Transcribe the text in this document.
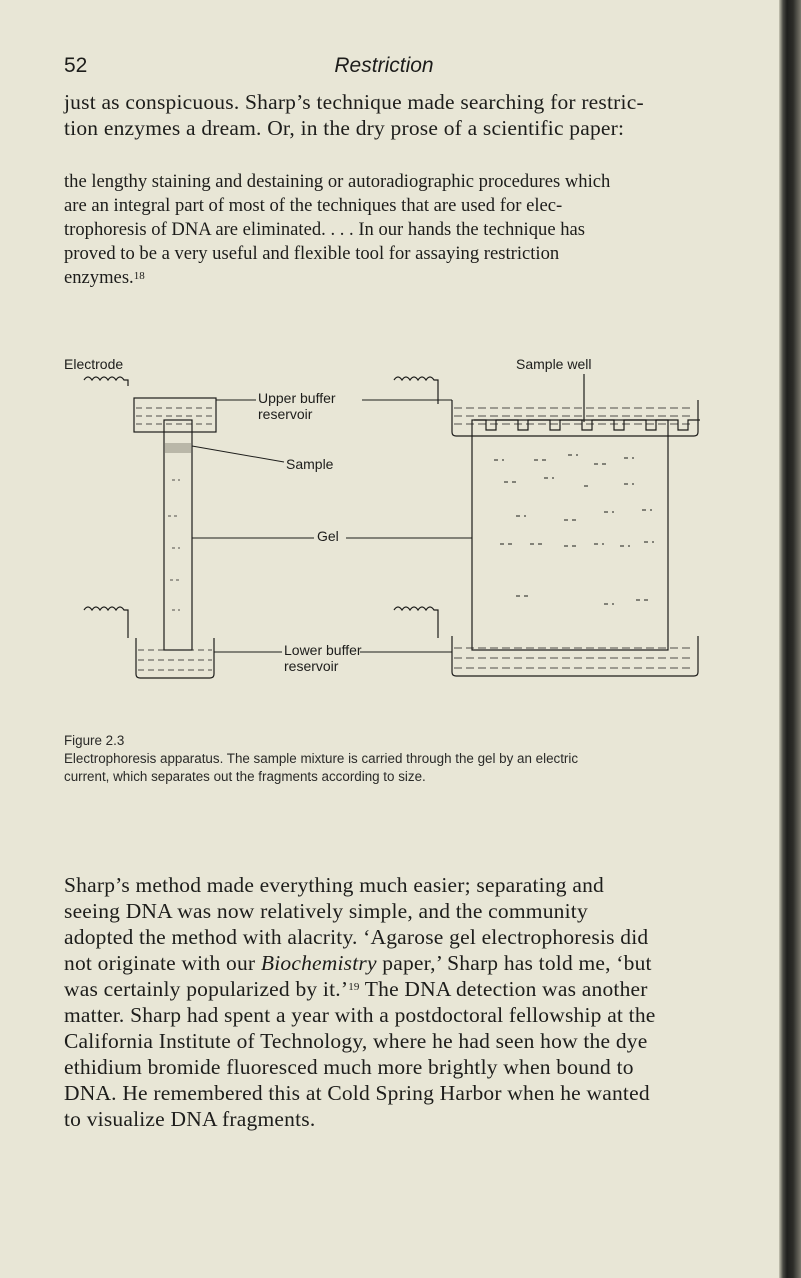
52	Restriction
just as conspicuous. Sharp’s technique made searching for restric-
tion enzymes a dream. Or, in the dry prose of a scientific paper:
the lengthy staining and destaining or autoradiographic procedures which
are an integral part of most of the techniques that are used for elec-
trophoresis of DNA are eliminated. . . . In our hands the technique has
proved to be a very useful and flexible tool for assaying restriction
enzymes.$^{18}$
Electrode	Sample well
Upper buffer
reservoir
Sample
Gel
Lower buffer
reservoir
Figure 2.3
Electrophoresis apparatus. The sample mixture is carried through the gel by an electric
current, which separates out the fragments according to size.
Sharp’s method made everything much easier; separating and
seeing DNA was now relatively simple, and the community
adopted the method with alacrity. ‘Agarose gel electrophoresis did
not originate with our Biochemistry paper,’ Sharp has told me, ‘but
was certainly popularized by it.’$^{19}$ The DNA detection was another
matter. Sharp had spent a year with a postdoctoral fellowship at the
California Institute of Technology, where he had seen how the dye
ethidium bromide fluoresced much more brightly when bound to
DNA. He remembered this at Cold Spring Harbor when he wanted
to visualize DNA fragments.
